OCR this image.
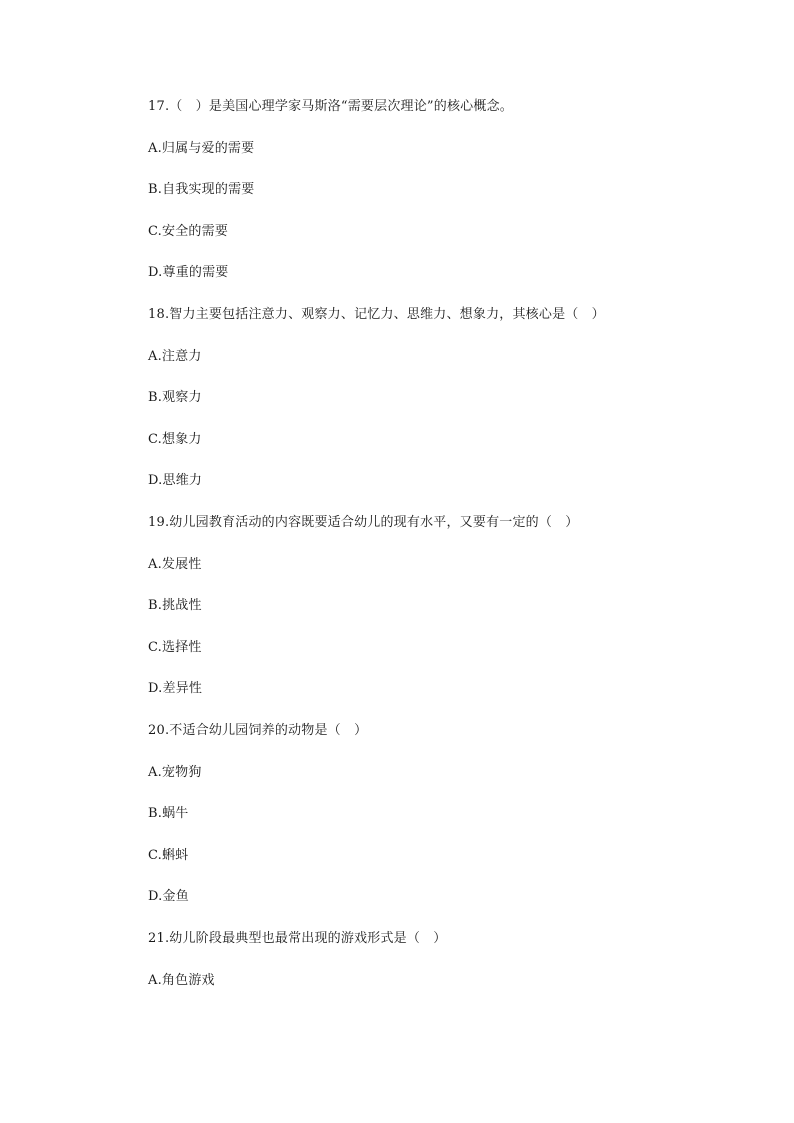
17.（　）是美国心理学家马斯洛“需要层次理论”的核心概念。
A.归属与爱的需要
B.自我实现的需要
C.安全的需要
D.尊重的需要
18.智力主要包括注意力、观察力、记忆力、思维力、想象力，其核心是（　）
A.注意力
B.观察力
C.想象力
D.思维力
19.幼儿园教育活动的内容既要适合幼儿的现有水平，又要有一定的（　）
A.发展性
B.挑战性
C.选择性
D.差异性
20.不适合幼儿园饲养的动物是（　）
A.宠物狗
B.蜗牛
C.蝌蚪
D.金鱼
21.幼儿阶段最典型也最常出现的游戏形式是（　）
A.角色游戏
